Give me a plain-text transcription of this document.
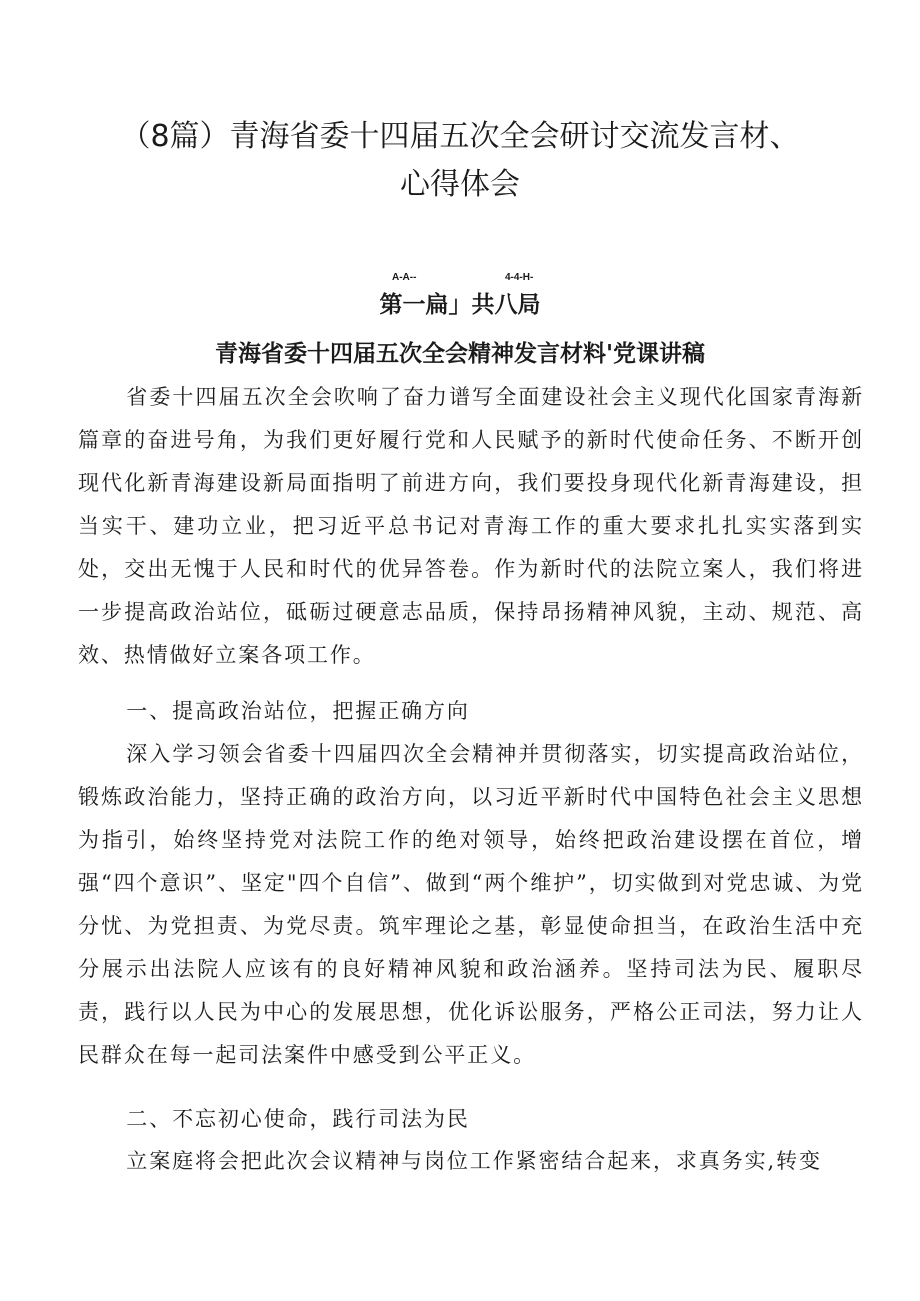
（8篇）青海省委十四届五次全会研讨交流发言材、
心得体会
A-A--	4-4-H-
第一扁」共八局
青海省委十四届五次全会精神发言材料'党课讲稿

省委十四届五次全会吹响了奋力谱写全面建设社会主义现代化国家青海新篇章的奋进号角，为我们更好履行党和人民赋予的新时代使命任务、不断开创现代化新青海建设新局面指明了前进方向，我们要投身现代化新青海建设，担当实干、建功立业，把习近平总书记对青海工作的重大要求扎扎实实落到实处，交出无愧于人民和时代的优异答卷。作为新时代的法院立案人，我们将进一步提高政治站位，砥砺过硬意志品质，保持昂扬精神风貌，主动、规范、高效、热情做好立案各项工作。

一、提高政治站位，把握正确方向

深入学习领会省委十四届四次全会精神并贯彻落实，切实提高政治站位，锻炼政治能力，坚持正确的政治方向，以习近平新时代中国特色社会主义思想为指引，始终坚持党对法院工作的绝对领导，始终把政治建设摆在首位，增强“四个意识”、坚定"四个自信”、做到“两个维护”，切实做到对党忠诚、为党分忧、为党担责、为党尽责。筑牢理论之基，彰显使命担当，在政治生活中充分展示出法院人应该有的良好精神风貌和政治涵养。坚持司法为民、履职尽责，践行以人民为中心的发展思想，优化诉讼服务，严格公正司法，努力让人民群众在每一起司法案件中感受到公平正义。

二、不忘初心使命，践行司法为民

立案庭将会把此次会议精神与岗位工作紧密结合起来，求真务实,转变
